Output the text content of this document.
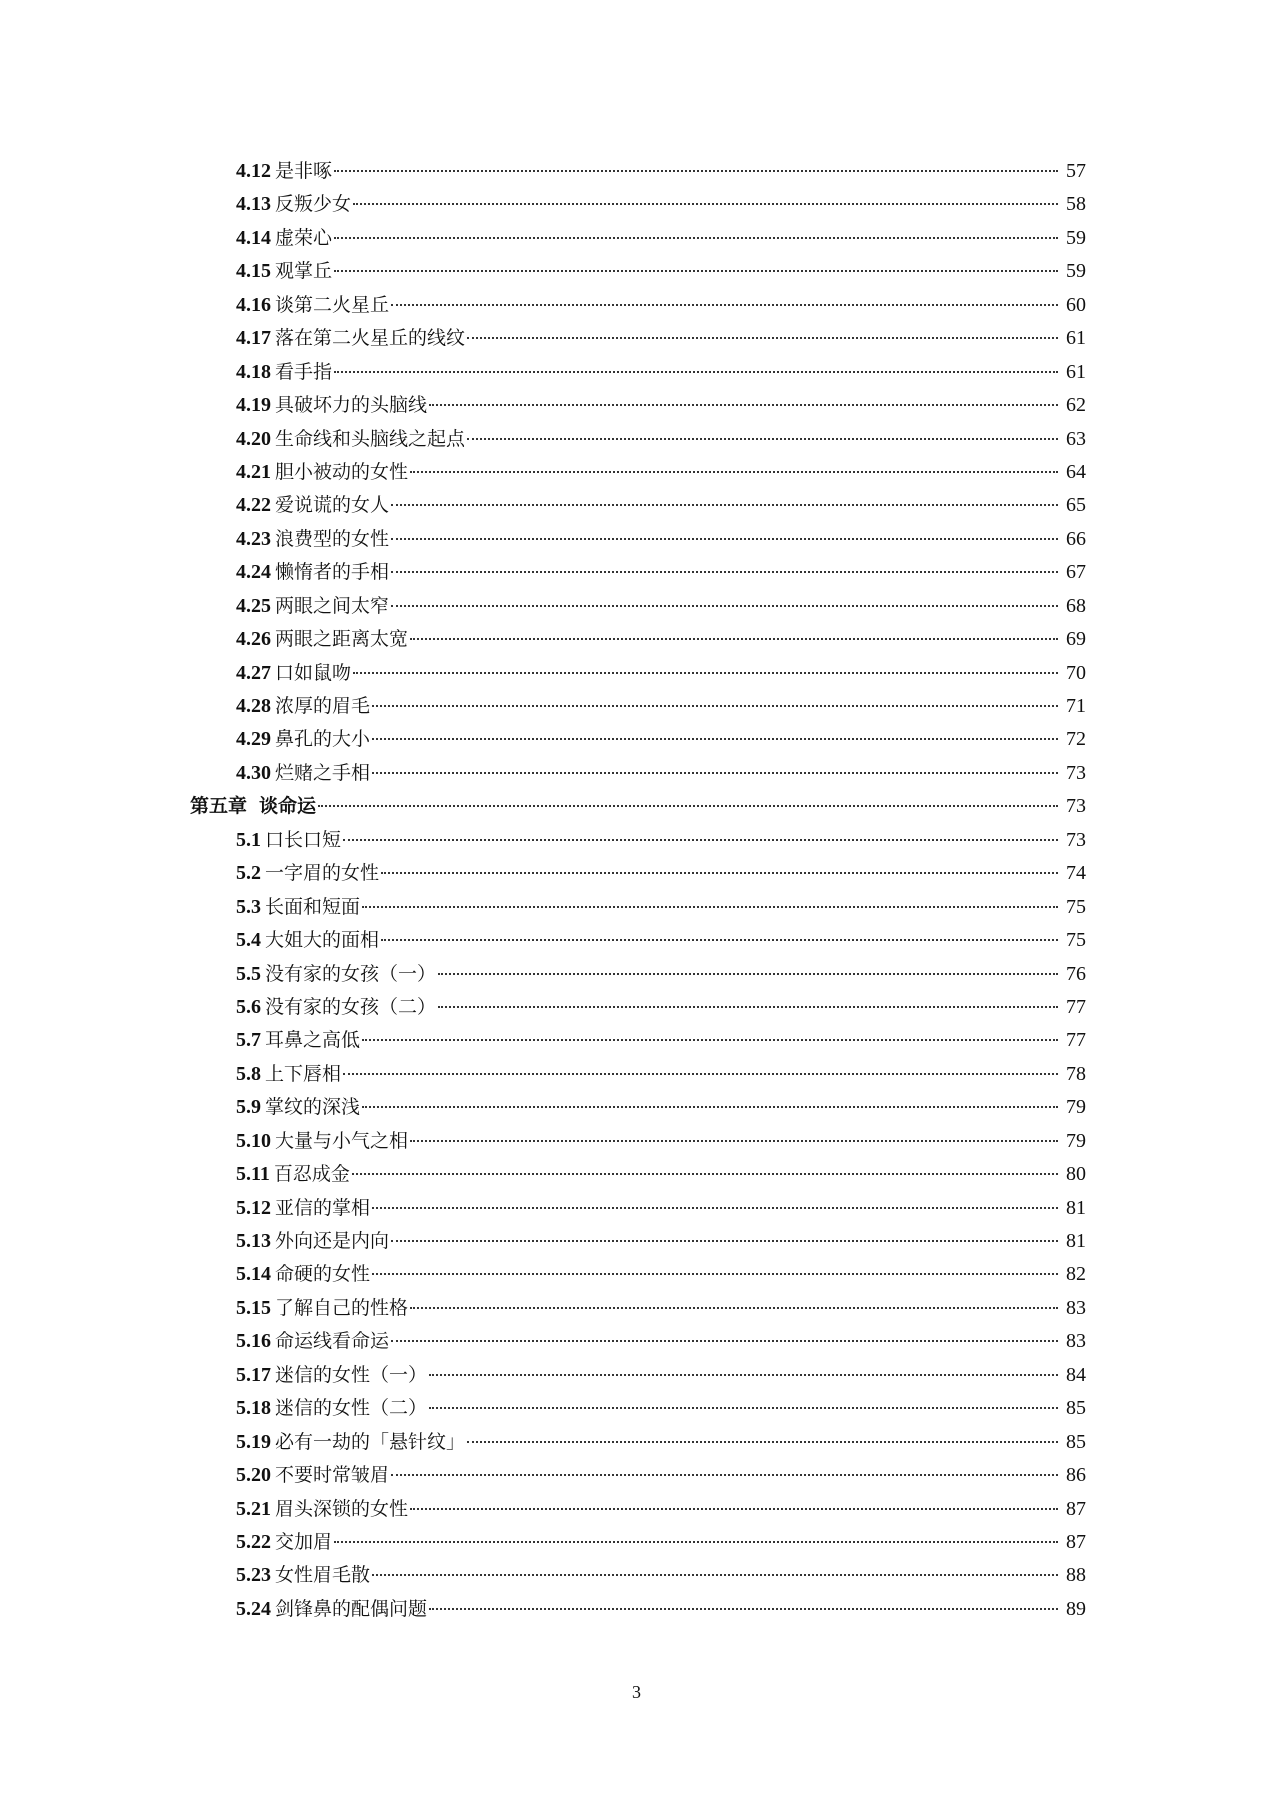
4.12 是非啄	57
4.13 反叛少女	58
4.14 虚荣心	59
4.15 观掌丘	59
4.16 谈第二火星丘	60
4.17 落在第二火星丘的线纹	61
4.18 看手指	61
4.19 具破坏力的头脑线	62
4.20 生命线和头脑线之起点	63
4.21 胆小被动的女性	64
4.22 爱说谎的女人	65
4.23 浪费型的女性	66
4.24 懒惰者的手相	67
4.25 两眼之间太窄	68
4.26 两眼之距离太宽	69
4.27 口如鼠吻	70
4.28 浓厚的眉毛	71
4.29 鼻孔的大小	72
4.30 烂赌之手相	73
第五章 谈命运	73
5.1 口长口短	73
5.2 一字眉的女性	74
5.3 长面和短面	75
5.4 大姐大的面相	75
5.5 没有家的女孩（一）	76
5.6 没有家的女孩（二）	77
5.7 耳鼻之高低	77
5.8 上下唇相	78
5.9 掌纹的深浅	79
5.10 大量与小气之相	79
5.11 百忍成金	80
5.12 亚信的掌相	81
5.13 外向还是内向	81
5.14 命硬的女性	82
5.15 了解自己的性格	83
5.16 命运线看命运	83
5.17 迷信的女性（一）	84
5.18 迷信的女性（二）	85
5.19 必有一劫的「悬针纹」	85
5.20 不要时常皱眉	86
5.21 眉头深锁的女性	87
5.22 交加眉	87
5.23 女性眉毛散	88
5.24 剑锋鼻的配偶问题	89
3
